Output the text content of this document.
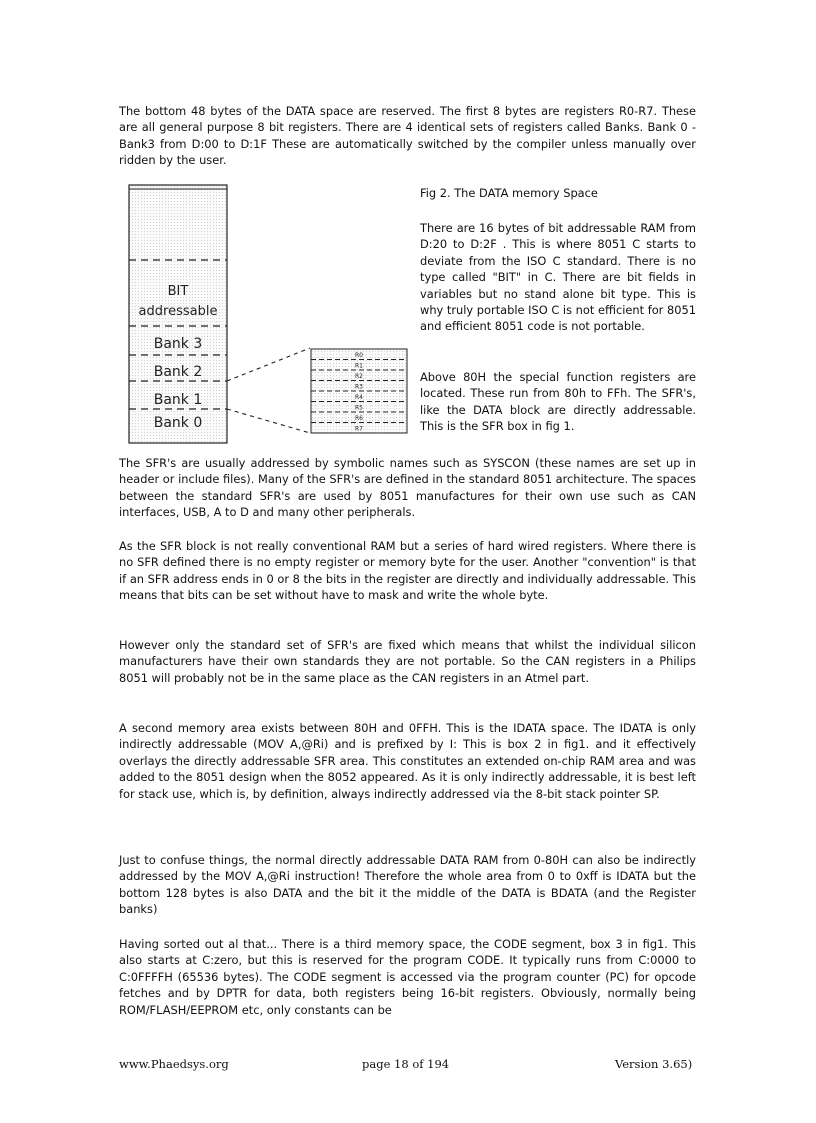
The bottom 48 bytes of the DATA space are reserved. The first 8 bytes are registers R0-R7. These are all general purpose 8 bit registers. There are 4 identical sets of registers called Banks. Bank 0 -Bank3 from D:00 to D:1F These are automatically switched by the compiler unless manually over ridden by the user.

BIT
addressable
Bank 3
Bank 2
Bank 1
Bank 0
R0
R1
R2
R3
R4
R5
R6
R7

Fig 2. The DATA memory Space

There are 16 bytes of bit addressable RAM from D:20 to D:2F . This is where 8051 C starts to deviate from the ISO C standard. There is no type called "BIT" in C. There are bit fields in variables but no stand alone bit type. This is why truly portable ISO C is not efficient for 8051 and efficient 8051 code is not portable.

Above 80H the special function registers are located. These run from 80h to FFh. The SFR's, like the DATA block are directly addressable. This is the SFR box in fig 1.

The SFR's are usually addressed by symbolic names such as SYSCON (these names are set up in header or include files). Many of the SFR's are defined in the standard 8051 architecture. The spaces between the standard SFR's are used by 8051 manufactures for their own use such as CAN interfaces, USB, A to D and many other peripherals.

As the SFR block is not really conventional RAM but a series of hard wired registers. Where there is no SFR defined there is no empty register or memory byte for the user. Another "convention" is that if an SFR address ends in 0 or 8 the bits in the register are directly and individually addressable. This means that bits can be set without have to mask and write the whole byte.

However only the standard set of SFR's are fixed which means that whilst the individual silicon manufacturers have their own standards they are not portable. So the CAN registers in a Philips 8051 will probably not be in the same place as the CAN registers in an Atmel part.

A second memory area exists between 80H and 0FFH. This is the IDATA space. The IDATA is only indirectly addressable (MOV A,@Ri) and is prefixed by I: This is box 2 in fig1. and it effectively overlays the directly addressable SFR area. This constitutes an extended on-chip RAM area and was added to the 8051 design when the 8052 appeared. As it is only indirectly addressable, it is best left for stack use, which is, by definition, always indirectly addressed via the 8-bit stack pointer SP.

Just to confuse things, the normal directly addressable DATA RAM from 0-80H can also be indirectly addressed by the MOV A,@Ri instruction! Therefore the whole area from 0 to 0xff is IDATA but the bottom 128 bytes is also DATA and the bit it the middle of the DATA is BDATA (and the Register banks)

Having sorted out al that... There is a third memory space, the CODE segment, box 3 in fig1. This also starts at C:zero, but this is reserved for the program CODE. It typically runs from C:0000 to C:0FFFFH (65536 bytes). The CODE segment is accessed via the program counter (PC) for opcode fetches and by DPTR for data, both registers being 16-bit registers. Obviously, normally being ROM/FLASH/EEPROM etc, only constants can be

www.Phaedsys.org	page 18 of 194	Version 3.65)
